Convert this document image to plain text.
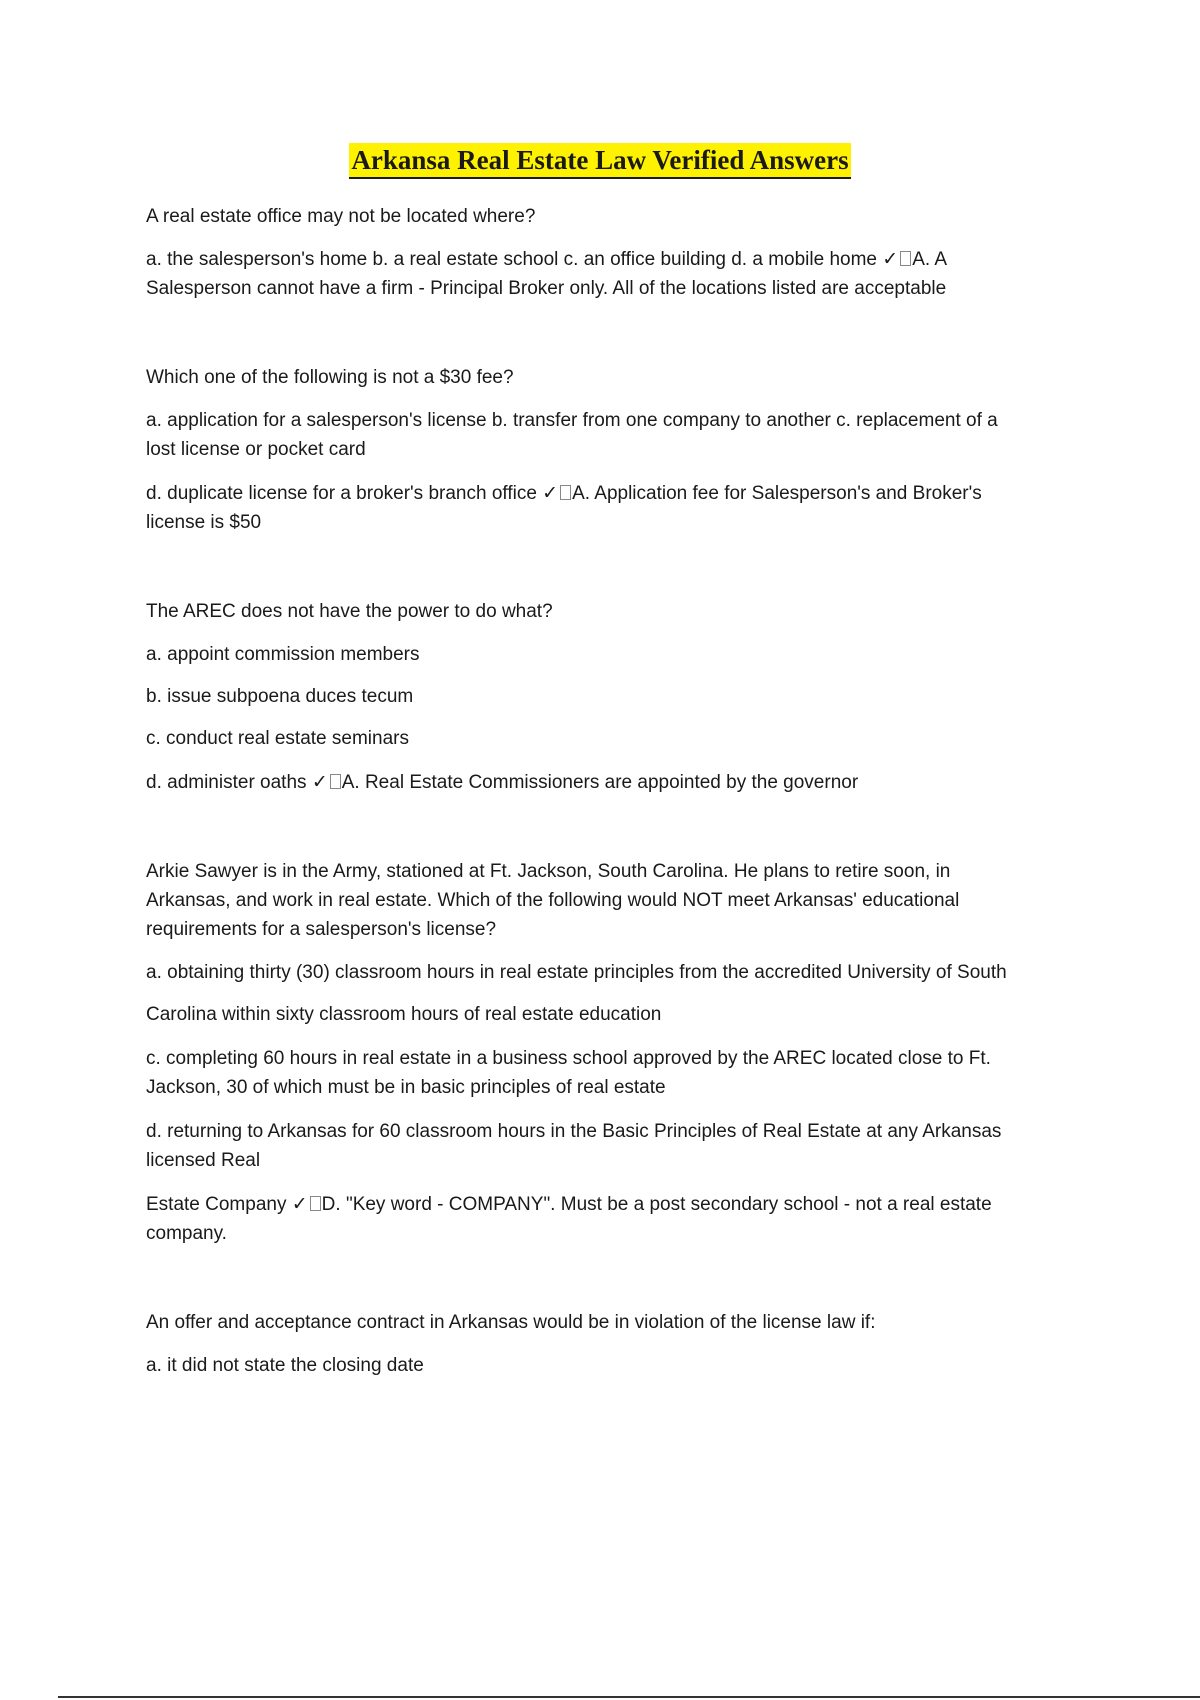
Arkansa Real Estate Law Verified Answers

A real estate office may not be located where?

a. the salesperson's home b. a real estate school c. an office building d. a mobile home ✓ A. A
Salesperson cannot have a firm - Principal Broker only. All of the locations listed are acceptable

Which one of the following is not a $30 fee?

a. application for a salesperson's license b. transfer from one company to another c. replacement of a
lost license or pocket card

d. duplicate license for a broker's branch office ✓ A. Application fee for Salesperson's and Broker's
license is $50

The AREC does not have the power to do what?

a. appoint commission members

b. issue subpoena duces tecum

c. conduct real estate seminars

d. administer oaths ✓ A. Real Estate Commissioners are appointed by the governor

Arkie Sawyer is in the Army, stationed at Ft. Jackson, South Carolina. He plans to retire soon, in
Arkansas, and work in real estate. Which of the following would NOT meet Arkansas' educational
requirements for a salesperson's license?

a. obtaining thirty (30) classroom hours in real estate principles from the accredited University of South

Carolina within sixty classroom hours of real estate education

c. completing 60 hours in real estate in a business school approved by the AREC located close to Ft.
Jackson, 30 of which must be in basic principles of real estate

d. returning to Arkansas for 60 classroom hours in the Basic Principles of Real Estate at any Arkansas
licensed Real

Estate Company ✓ D. "Key word - COMPANY". Must be a post secondary school - not a real estate
company.

An offer and acceptance contract in Arkansas would be in violation of the license law if:

a. it did not state the closing date
